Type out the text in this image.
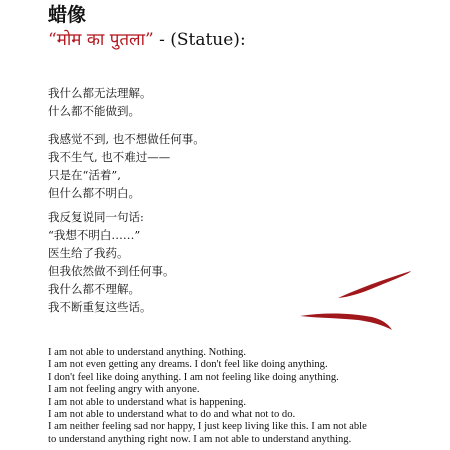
蜡像
“मोम का पुतला” - (Statue):
我什么都无法理解。
什么都不能做到。
我感觉不到, 也不想做任何事。
我不生气, 也不难过——
只是在“活着”,
但什么都不明白。
我反复说同一句话:
“我想不明白……”
医生给了我药。
但我依然做不到任何事。
我什么都不理解。
我不断重复这些话。
I am not able to understand anything. Nothing.
I am not even getting any dreams. I don't feel like doing anything.
I don't feel like doing anything. I am not feeling like doing anything.
I am not feeling angry with anyone.
I am not able to understand what is happening.
I am not able to understand what to do and what not to do.
I am neither feeling sad nor happy, I just keep living like this. I am not able
to understand anything right now. I am not able to understand anything.
